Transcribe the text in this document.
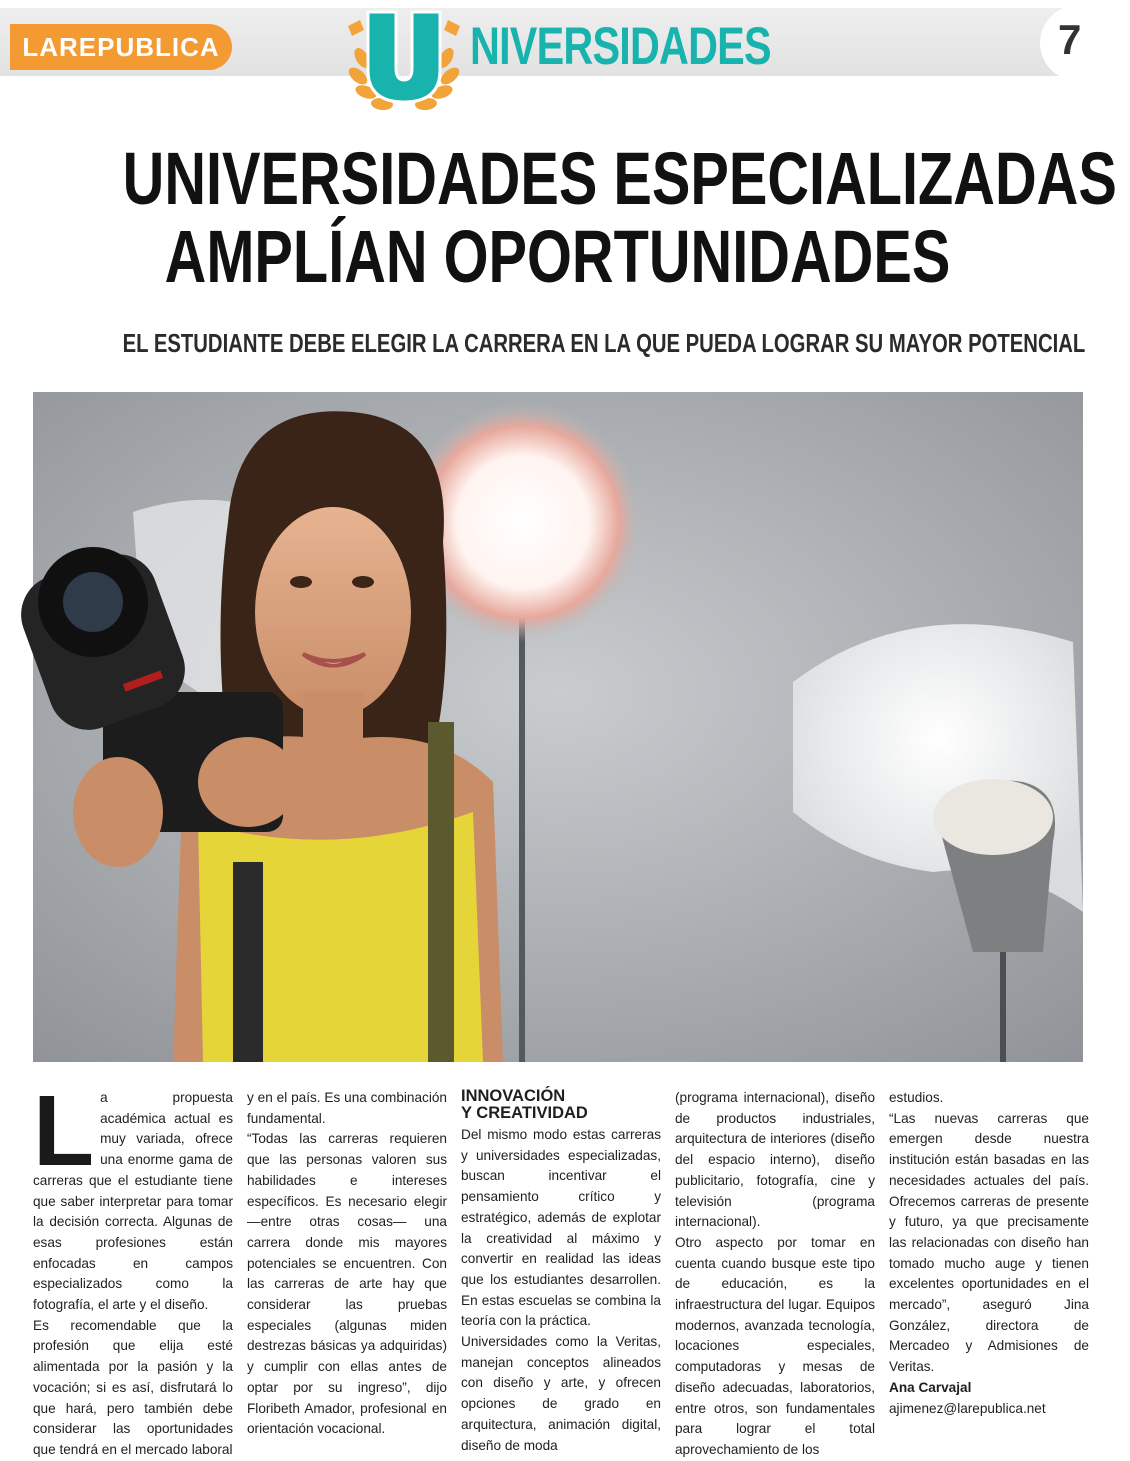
LAREPUBLICA	NIVERSIDADES	7
UNIVERSIDADES ESPECIALIZADAS
AMPLÍAN OPORTUNIDADES
EL ESTUDIANTE DEBE ELEGIR LA CARRERA EN LA QUE PUEDA LOGRAR SU MAYOR POTENCIAL
L a propuesta académica actual es muy variada, ofrece una enorme gama de carreras que el estudiante tiene que saber interpretar para tomar la decisión correcta. Algunas de esas profesiones están enfocadas en campos especializados como la fotografía, el arte y el diseño.

Es recomendable que la profesión que elija esté alimentada por la pasión y la vocación; si es así, disfrutará lo que hará, pero también debe considerar las oportunidades que tendrá en el mercado laboral

y en el país. Es una combinación fundamental.

“Todas las carreras requieren que las personas valoren sus habilidades e intereses específicos. Es necesario elegir —entre otras cosas— una carrera donde mis mayores potenciales se encuentren. Con las carreras de arte hay que considerar las pruebas especiales (algunas miden destrezas básicas ya adquiridas) y cumplir con ellas antes de optar por su ingreso”, dijo Floribeth Amador, profesional en orientación vocacional.

INNOVACIÓN
Y CREATIVIDAD

Del mismo modo estas carreras y universidades especializadas, buscan incentivar el pensamiento crítico y estratégico, además de explotar la creatividad al máximo y convertir en realidad las ideas que los estudiantes desarrollen. En estas escuelas se combina la teoría con la práctica.

Universidades como la Veritas, manejan conceptos alineados con diseño y arte, y ofrecen opciones de grado en arquitectura, animación digital, diseño de moda

(programa internacional), diseño de productos industriales, arquitectura de interiores (diseño del espacio interno), diseño publicitario, fotografía, cine y televisión (programa internacional).

Otro aspecto por tomar en cuenta cuando busque este tipo de educación, es la infraestructura del lugar. Equipos modernos, avanzada tecnología, locaciones especiales, computadoras y mesas de diseño adecuadas, laboratorios, entre otros, son fundamentales para lograr el total aprovechamiento de los

estudios.

“Las nuevas carreras que emergen desde nuestra institución están basadas en las necesidades actuales del país. Ofrecemos carreras de presente y futuro, ya que precisamente las relacionadas con diseño han tomado mucho auge y tienen excelentes oportunidades en el mercado”, aseguró Jina González, directora de Mercadeo y Admisiones de Veritas.

Ana Carvajal

ajimenez@larepublica.net
